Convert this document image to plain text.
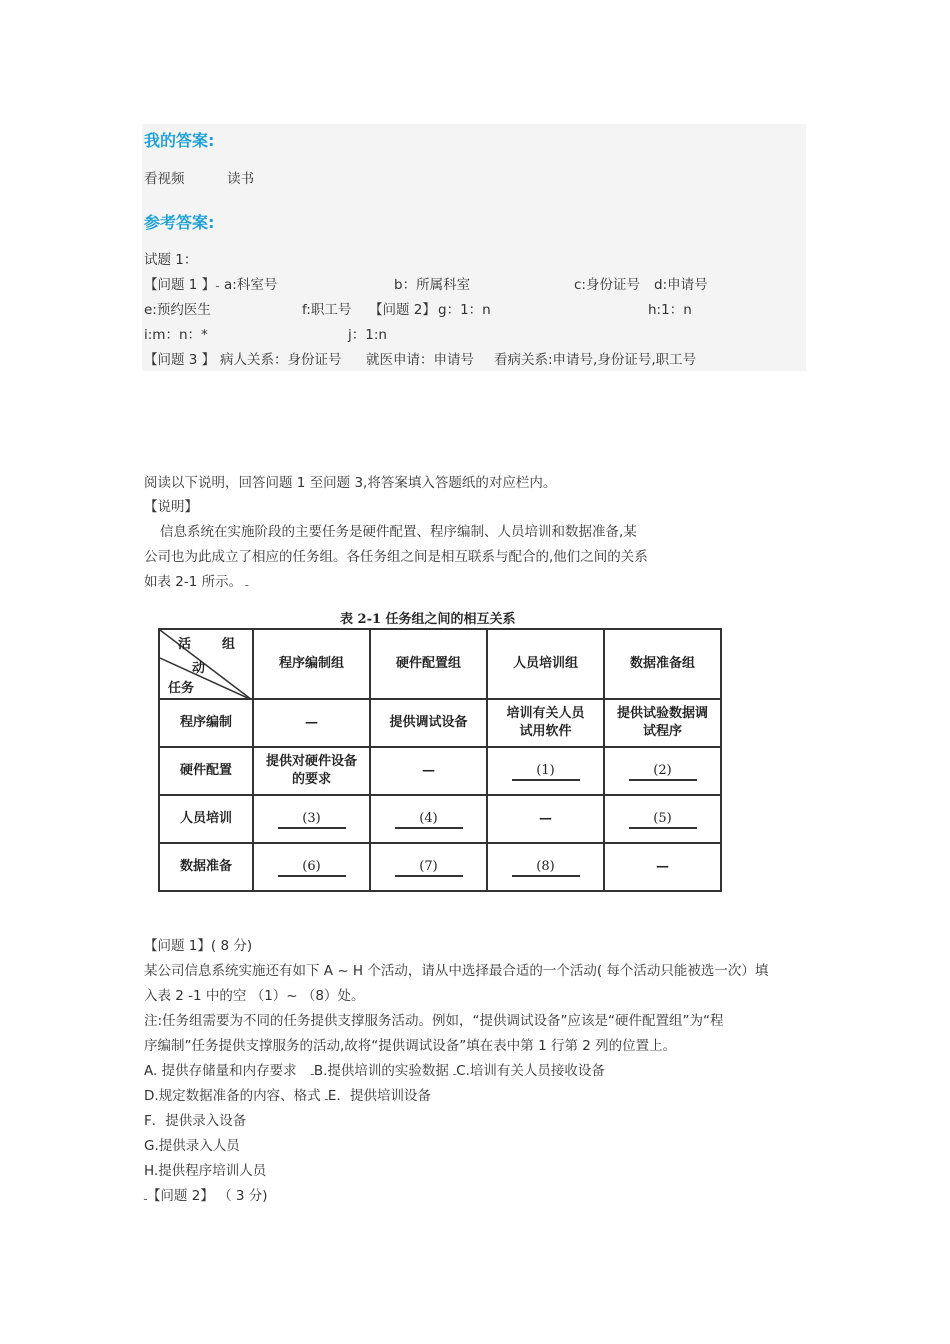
我的答案:
看视频	读书
参考答案:
试题 1：
【问题 1 】 ـ a:科室号	b：所属科室	c:身份证号 d:申请号
e:预约医生	f:职工号 【问题 2】 g：1：n	h:1：n
i:m：n：*	j：1:n
【问题 3 】 病人关系：身份证号 就医申请：申请号 看病关系:申请号,身份证号,职工号
阅读以下说明，回答问题 1 至问题 3,将答案填入答题纸的对应栏内。
【说明】
信息系统在实施阶段的主要任务是硬件配置、程序编制、人员培训和数据准备,某
公司也为此成立了相应的任务组。各任务组之间是相互联系与配合的,他们之间的关系
如表 2-1 所示。 ـ
表 2-1 任务组之间的相互关系
活 组
动
任务	程序编制组	硬件配置组	人员培训组	数据准备组
程序编制	—	提供调试设备	培训有关人员试用软件	提供试验数据调试程序

硬件配置	提供对硬件设备的要求	—	(1)	(2)
人员培训	(3)	(4)	—	(5)
数据准备	(6)	(7)	(8)	—
【问题 1】( 8 分)
某公司信息系统实施还有如下 A ~ H 个活动，请从中选择最合适的一个活动( 每个活动只能被选一次）填
入表 2 -1 中的空 （1）~ （8）处。
注:任务组需要为不同的任务提供支撑服务活动。例如，“提供调试设备”应该是“硬件配置组”为“程
序编制”任务提供支撑服务的活动,故将“提供调试设备”填在表中第 1 行第 2 列的位置上。
A. 提供存储量和内存要求 ـB.提供培训的实验数据 ـC.培训有关人员接收设备
D.规定数据准备的内容、格式 ـE．提供培训设备
F．提供录入设备
G.提供录入人员
H.提供程序培训人员
ـ【问题 2】 （ 3 分)
